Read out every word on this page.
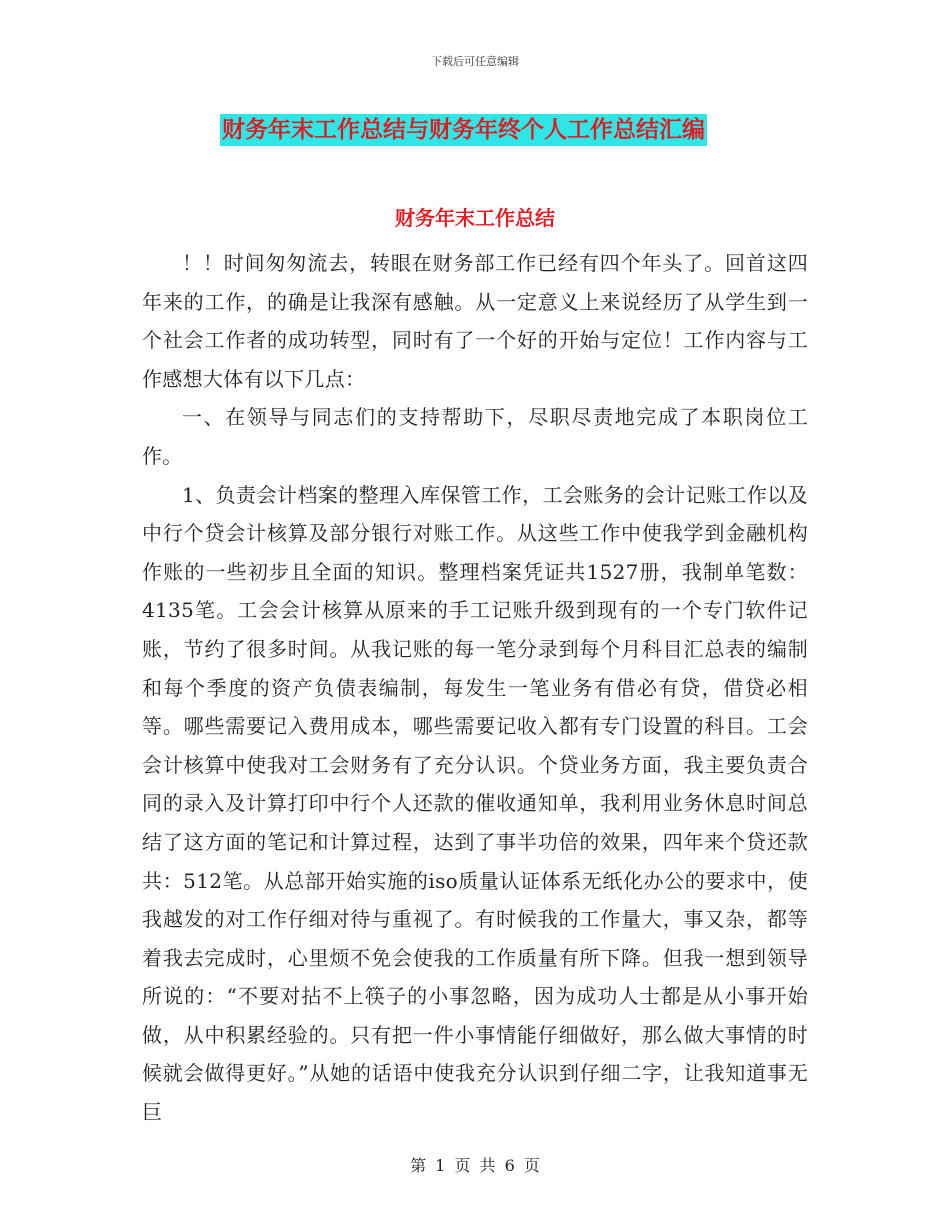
下载后可任意编辑
财务年末工作总结与财务年终个人工作总结汇编
财务年末工作总结

！！时间匆匆流去，转眼在财务部工作已经有四个年头了。回首这四年来的工作，的确是让我深有感触。从一定意义上来说经历了从学生到一个社会工作者的成功转型，同时有了一个好的开始与定位！工作内容与工作感想大体有以下几点：

一、在领导与同志们的支持帮助下，尽职尽责地完成了本职岗位工作。

1、负责会计档案的整理入库保管工作，工会账务的会计记账工作以及中行个贷会计核算及部分银行对账工作。从这些工作中使我学到金融机构作账的一些初步且全面的知识。整理档案凭证共1527册，我制单笔数：4135笔。工会会计核算从原来的手工记账升级到现有的一个专门软件记账，节约了很多时间。从我记账的每一笔分录到每个月科目汇总表的编制和每个季度的资产负债表编制，每发生一笔业务有借必有贷，借贷必相等。哪些需要记入费用成本，哪些需要记收入都有专门设置的科目。工会会计核算中使我对工会财务有了充分认识。个贷业务方面，我主要负责合同的录入及计算打印中行个人还款的催收通知单，我利用业务休息时间总结了这方面的笔记和计算过程，达到了事半功倍的效果，四年来个贷还款共：512笔。从总部开始实施的iso质量认证体系无纸化办公的要求中，使我越发的对工作仔细对待与重视了。有时候我的工作量大，事又杂，都等着我去完成时，心里烦不免会使我的工作质量有所下降。但我一想到领导所说的：“不要对拈不上筷子的小事忽略，因为成功人士都是从小事开始做，从中积累经验的。只有把一件小事情能仔细做好，那么做大事情的时候就会做得更好。”从她的话语中使我充分认识到仔细二字，让我知道事无巨

第 1 页 共 6 页
